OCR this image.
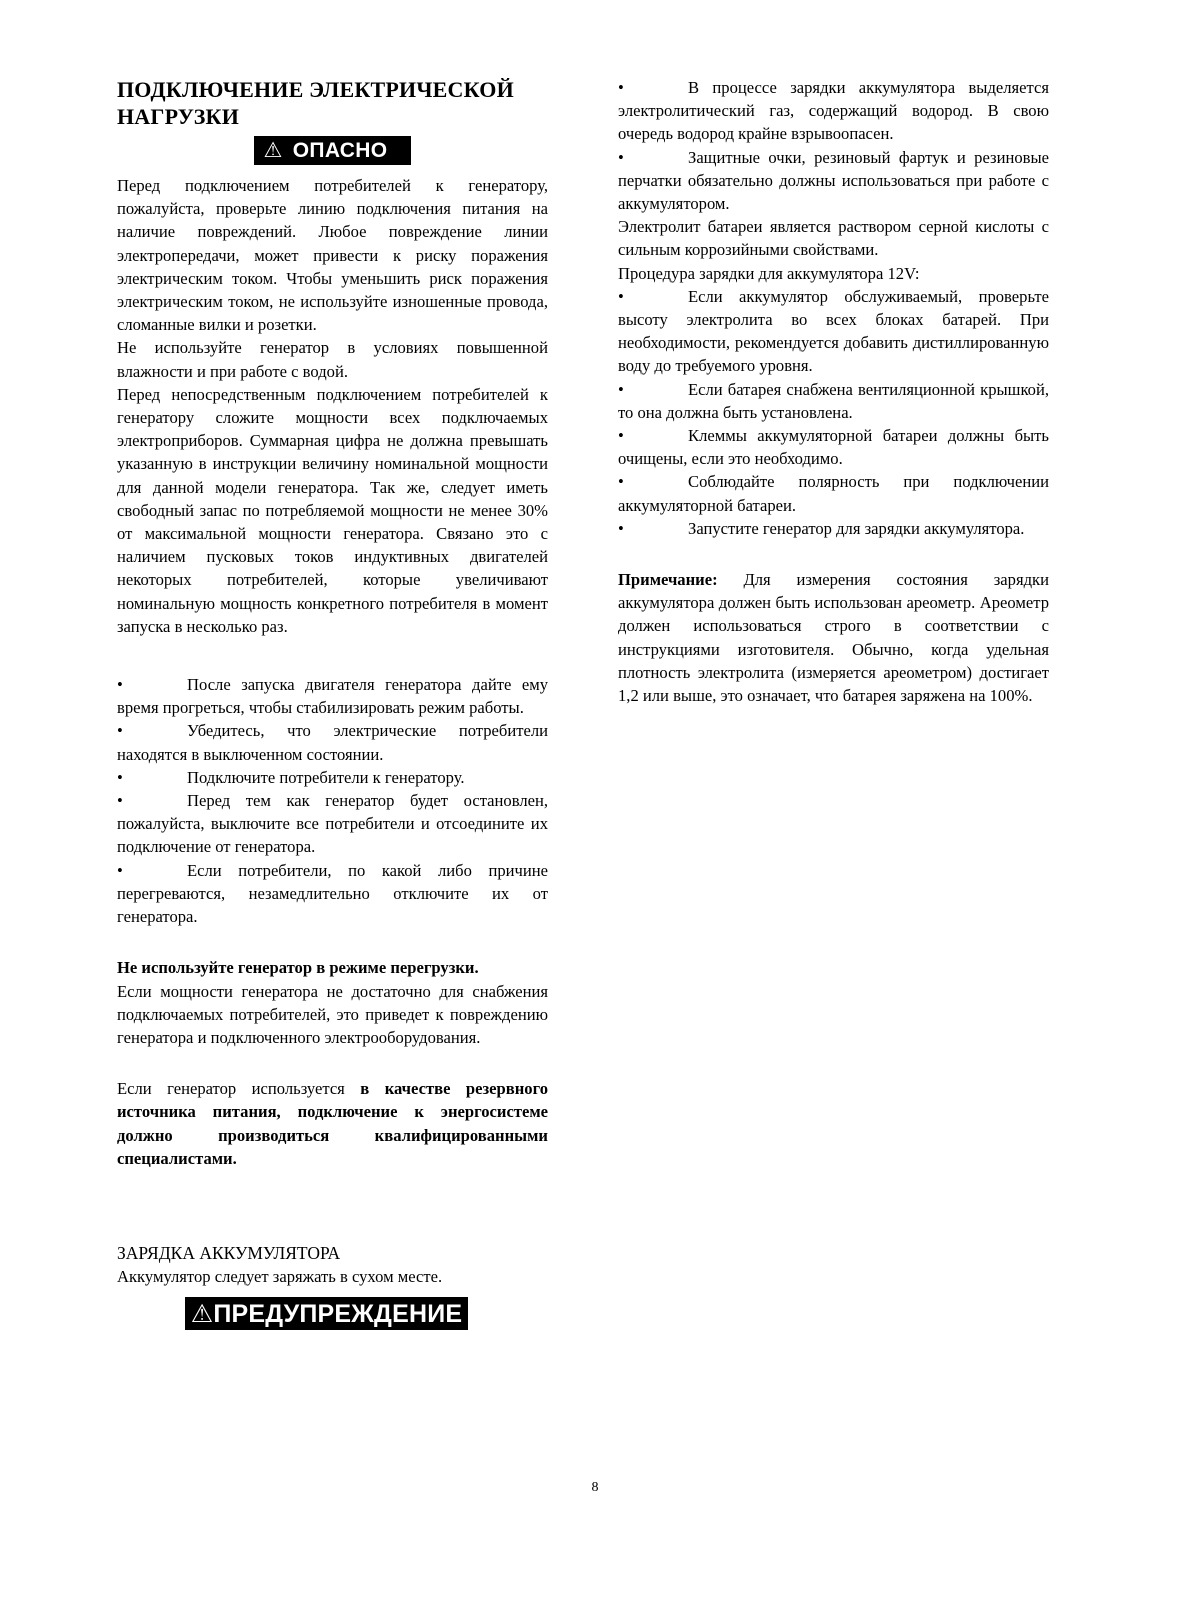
ПОДКЛЮЧЕНИЕ ЭЛЕКТРИЧЕСКОЙ НАГРУЗКИ
⚠ ОПАСНО

Перед подключением потребителей к генератору, пожалуйста, проверьте линию подключения питания на наличие повреждений. Любое повреждение линии электропередачи, может привести к риску поражения электрическим током. Чтобы уменьшить риск поражения электрическим током, не используйте изношенные провода, сломанные вилки и розетки.

Не используйте генератор в условиях повышенной влажности и при работе с водой.

Перед непосредственным подключением потребителей к генератору сложите мощности всех подключаемых электроприборов. Суммарная цифра не должна превышать указанную в инструкции величину номинальной мощности для данной модели генератора. Так же, следует иметь свободный запас по потребляемой мощности не менее 30% от максимальной мощности генератора. Связано это с наличием пусковых токов индуктивных двигателей некоторых потребителей, которые увеличивают номинальную мощность конкретного потребителя в момент запуска в несколько раз.

•	После запуска двигателя генератора дайте ему время прогреться, чтобы стабилизировать режим работы.

•	Убедитесь, что электрические потребители находятся в выключенном состоянии.

•	Подключите потребители к генератору.

•	Перед тем как генератор будет остановлен, пожалуйста, выключите все потребители и отсоедините их подключение от генератора.

•	Если потребители, по какой либо причине перегреваются, незамедлительно отключите их от генератора.

Не используйте генератор в режиме перегрузки.

Если мощности генератора не достаточно для снабжения подключаемых потребителей, это приведет к повреждению генератора и подключенного электрооборудования.

Если генератор используется в качестве резервного источника питания, подключение к энергосистеме должно производиться квалифицированными специалистами.

ЗАРЯДКА АККУМУЛЯТОРА

Аккумулятор следует заряжать в сухом месте.

⚠ПРЕДУПРЕЖДЕНИЕ

•	В процессе зарядки аккумулятора выделяется электролитический газ, содержащий водород. В свою очередь водород крайне взрывоопасен.

•	Защитные очки, резиновый фартук и резиновые перчатки обязательно должны использоваться при работе с аккумулятором.

Электролит батареи является раствором серной кислоты с сильным коррозийными свойствами.

Процедура зарядки для аккумулятора 12V:

•	Если аккумулятор обслуживаемый, проверьте высоту электролита во всех блоках батарей. При необходимости, рекомендуется добавить дистиллированную воду до требуемого уровня.

•	Если батарея снабжена вентиляционной крышкой, то она должна быть установлена.

•	Клеммы аккумуляторной батареи должны быть очищены, если это необходимо.

•	Соблюдайте полярность при подключении аккумуляторной батареи.

•	Запустите генератор для зарядки аккумулятора.

Примечание: Для измерения состояния зарядки аккумулятора должен быть использован ареометр. Ареометр должен использоваться строго в соответствии с инструкциями изготовителя. Обычно, когда удельная плотность электролита (измеряется ареометром) достигает 1,2 или выше, это означает, что батарея заряжена на 100%.

8
